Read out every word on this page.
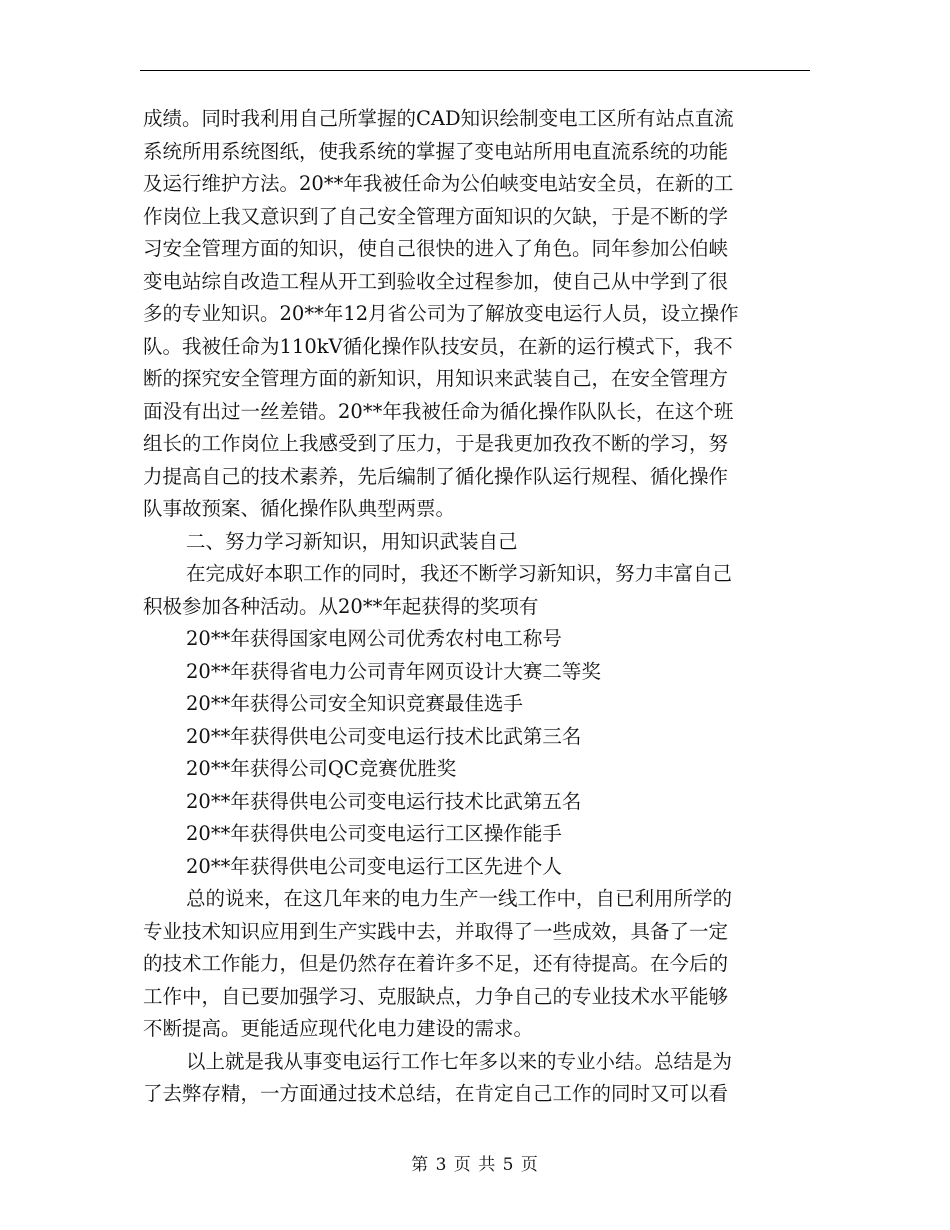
成绩。同时我利用自己所掌握的CAD知识绘制变电工区所有站点直流
系统所用系统图纸，使我系统的掌握了变电站所用电直流系统的功能
及运行维护方法。20**年我被任命为公伯峡变电站安全员，在新的工
作岗位上我又意识到了自己安全管理方面知识的欠缺，于是不断的学
习安全管理方面的知识，使自己很快的进入了角色。同年参加公伯峡
变电站综自改造工程从开工到验收全过程参加，使自己从中学到了很
多的专业知识。20**年12月省公司为了解放变电运行人员，设立操作
队。我被任命为110kV循化操作队技安员，在新的运行模式下，我不
断的探究安全管理方面的新知识，用知识来武装自己，在安全管理方
面没有出过一丝差错。20**年我被任命为循化操作队队长，在这个班
组长的工作岗位上我感受到了压力，于是我更加孜孜不断的学习，努
力提高自己的技术素养，先后编制了循化操作队运行规程、循化操作
队事故预案、循化操作队典型两票。
二、努力学习新知识，用知识武装自己
在完成好本职工作的同时，我还不断学习新知识，努力丰富自己
积极参加各种活动。从20**年起获得的奖项有
20**年获得国家电网公司优秀农村电工称号
20**年获得省电力公司青年网页设计大赛二等奖
20**年获得公司安全知识竞赛最佳选手
20**年获得供电公司变电运行技术比武第三名
20**年获得公司QC竞赛优胜奖
20**年获得供电公司变电运行技术比武第五名
20**年获得供电公司变电运行工区操作能手
20**年获得供电公司变电运行工区先进个人
总的说来，在这几年来的电力生产一线工作中，自已利用所学的
专业技术知识应用到生产实践中去，并取得了一些成效，具备了一定
的技术工作能力，但是仍然存在着许多不足，还有待提高。在今后的
工作中，自已要加强学习、克服缺点，力争自己的专业技术水平能够
不断提高。更能适应现代化电力建设的需求。
以上就是我从事变电运行工作七年多以来的专业小结。总结是为
了去弊存精，一方面通过技术总结，在肯定自己工作的同时又可以看
第 3 页 共 5 页
